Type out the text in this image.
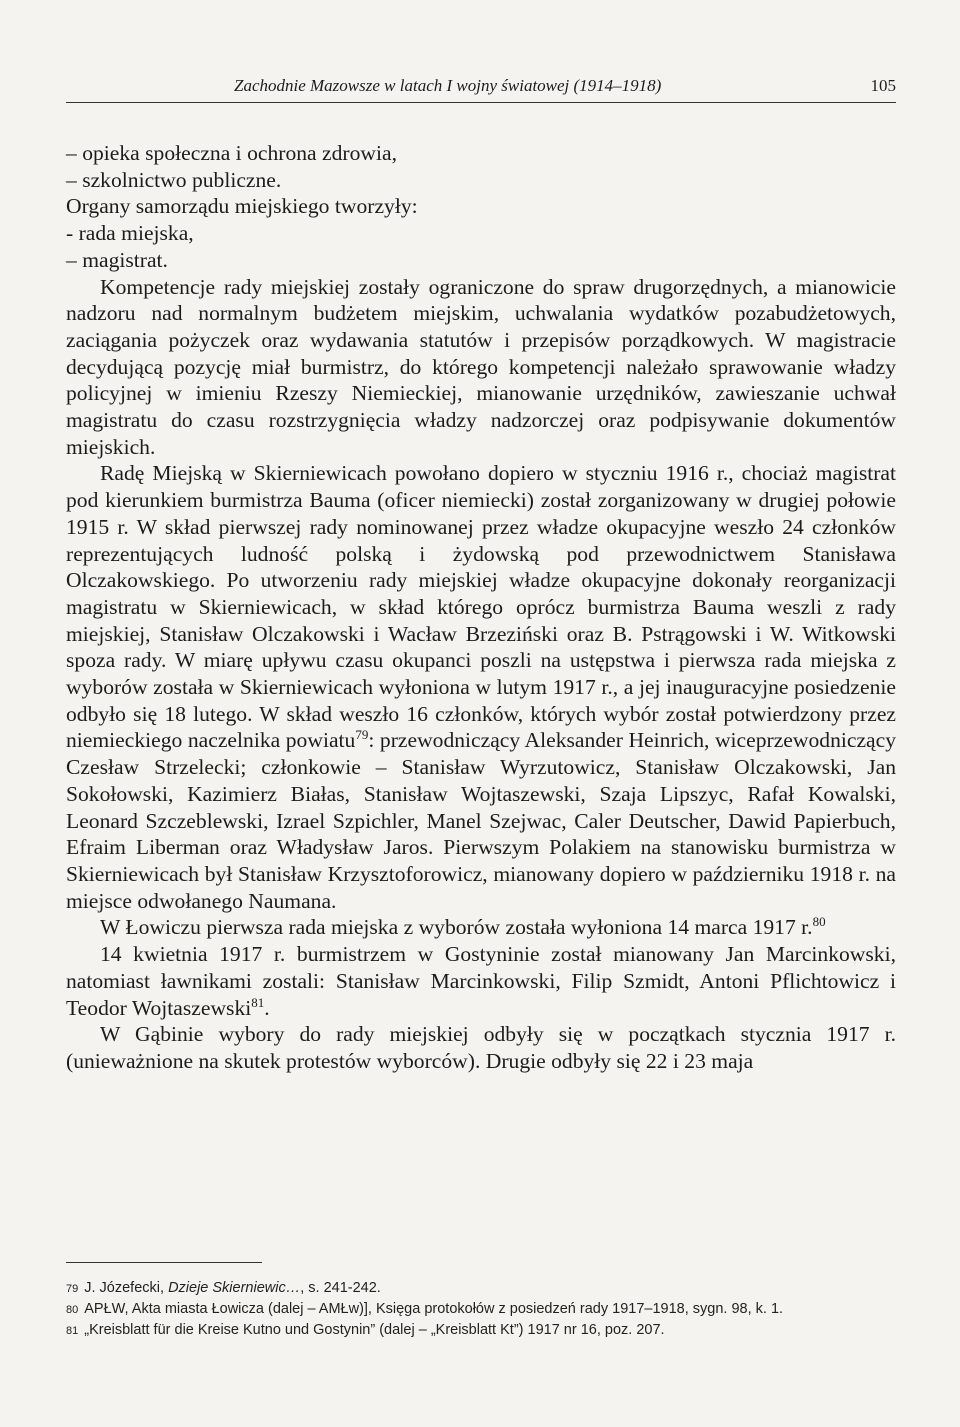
Zachodnie Mazowsze w latach I wojny światowej (1914–1918)	105

– opieka społeczna i ochrona zdrowia,

– szkolnictwo publiczne.

Organy samorządu miejskiego tworzyły:

- rada miejska,

– magistrat.

Kompetencje rady miejskiej zostały ograniczone do spraw drugorzędnych, a mianowicie nadzoru nad normalnym budżetem miejskim, uchwalania wydatków pozabudżetowych, zaciągania pożyczek oraz wydawania statutów i przepisów porządkowych. W magistracie decydującą pozycję miał burmistrz, do którego kompetencji należało sprawowanie władzy policyjnej w imieniu Rzeszy Niemieckiej, mianowanie urzędników, zawieszanie uchwał magistratu do czasu rozstrzygnięcia władzy nadzorczej oraz podpisywanie dokumentów miejskich.

Radę Miejską w Skierniewicach powołano dopiero w styczniu 1916 r., chociaż magistrat pod kierunkiem burmistrza Bauma (oficer niemiecki) został zorganizowany w drugiej połowie 1915 r. W skład pierwszej rady nominowanej przez władze okupacyjne weszło 24 członków reprezentujących ludność polską i żydowską pod przewodnictwem Stanisława Olczakowskiego. Po utworzeniu rady miejskiej władze okupacyjne dokonały reorganizacji magistratu w Skierniewicach, w skład którego oprócz burmistrza Bauma weszli z rady miejskiej, Stanisław Olczakowski i Wacław Brzeziński oraz B. Pstrągowski i W. Witkowski spoza rady. W miarę upływu czasu okupanci poszli na ustępstwa i pierwsza rada miejska z wyborów została w Skierniewicach wyłoniona w lutym 1917 r., a jej inauguracyjne posiedzenie odbyło się 18 lutego. W skład weszło 16 członków, których wybór został potwierdzony przez niemieckiego naczelnika powiatu$^{79}$: przewodniczący Aleksander Heinrich, wiceprzewodniczący Czesław Strzelecki; członkowie – Stanisław Wyrzutowicz, Stanisław Olczakowski, Jan Sokołowski, Kazimierz Białas, Stanisław Wojtaszewski, Szaja Lipszyc, Rafał Kowalski, Leonard Szczeblewski, Izrael Szpichler, Manel Szejwac, Caler Deutscher, Dawid Papierbuch, Efraim Liberman oraz Władysław Jaros. Pierwszym Polakiem na stanowisku burmistrza w Skierniewicach był Stanisław Krzysztoforowicz, mianowany dopiero w październiku 1918 r. na miejsce odwołanego Naumana.

W Łowiczu pierwsza rada miejska z wyborów została wyłoniona 14 marca 1917 r.$^{80}$

14 kwietnia 1917 r. burmistrzem w Gostyninie został mianowany Jan Marcinkowski, natomiast ławnikami zostali: Stanisław Marcinkowski, Filip Szmidt, Antoni Pflichtowicz i Teodor Wojtaszewski$^{81}$.

W Gąbinie wybory do rady miejskiej odbyły się w początkach stycznia 1917 r. (unieważnione na skutek protestów wyborców). Drugie odbyły się 22 i 23 maja

79 J. Józefecki, Dzieje Skierniewic…, s. 241-242.

80 APŁW, Akta miasta Łowicza (dalej – AMŁw)], Księga protokołów z posiedzeń rady 1917–1918, sygn. 98, k. 1.

81 „Kreisblatt für die Kreise Kutno und Gostynin” (dalej – „Kreisblatt Kt”) 1917 nr 16, poz. 207.
